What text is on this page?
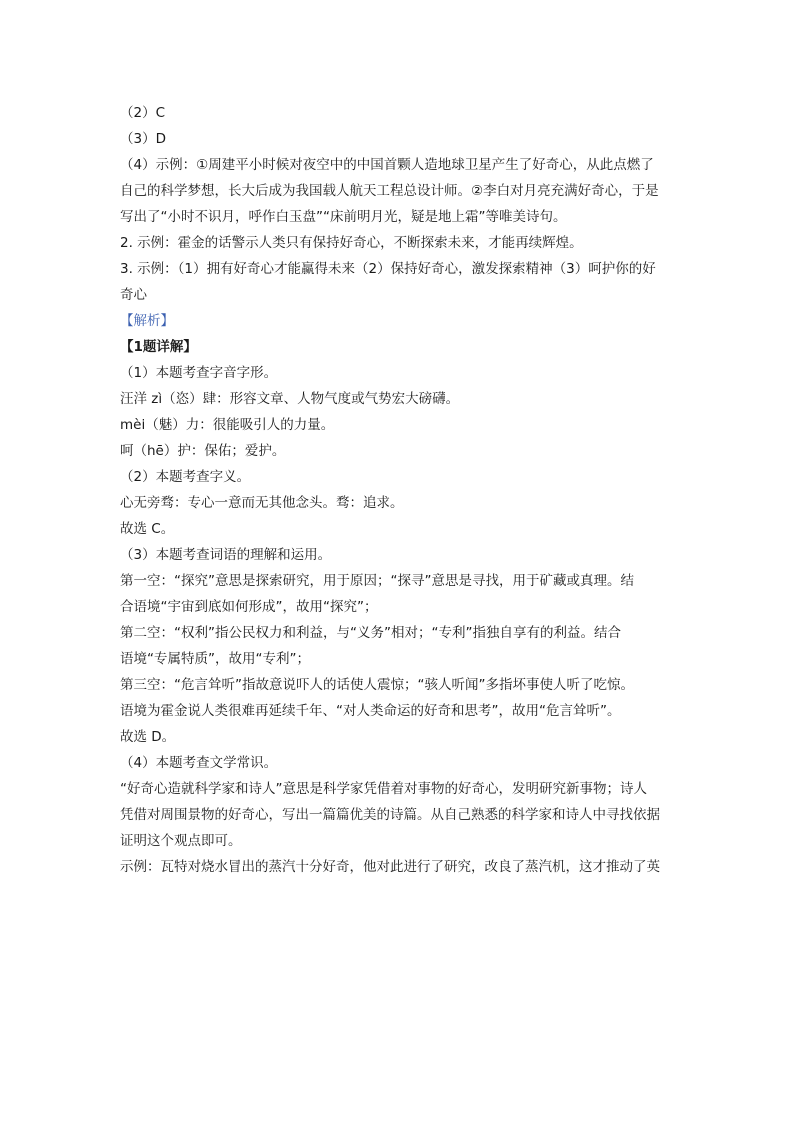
（2）C
（3）D
（4）示例：①周建平小时候对夜空中的中国首颗人造地球卫星产生了好奇心，从此点燃了
自己的科学梦想，长大后成为我国载人航天工程总设计师。②李白对月亮充满好奇心，于是
写出了“小时不识月，呼作白玉盘”“床前明月光，疑是地上霜”等唯美诗句。
2. 示例：霍金的话警示人类只有保持好奇心，不断探索未来，才能再续辉煌。
3. 示例：（1）拥有好奇心才能赢得未来（2）保持好奇心，激发探索精神（3）呵护你的好
奇心
【解析】
【1题详解】
（1）本题考查字音字形。
汪洋 zì（恣）肆：形容文章、人物气度或气势宏大磅礴。
mèi（魅）力：很能吸引人的力量。
呵（hē）护：保佑；爱护。
（2）本题考查字义。
心无旁骛：专心一意而无其他念头。骛：追求。
故选 C。
（3）本题考查词语的理解和运用。
第一空：“探究”意思是探索研究，用于原因；“探寻”意思是寻找，用于矿藏或真理。结
合语境“宇宙到底如何形成”，故用“探究”；
第二空：“权利”指公民权力和利益，与“义务”相对；“专利”指独自享有的利益。结合
语境“专属特质”，故用“专利”；
第三空：“危言耸听”指故意说吓人的话使人震惊；“骇人听闻”多指坏事使人听了吃惊。
语境为霍金说人类很难再延续千年、“对人类命运的好奇和思考”，故用“危言耸听”。
故选 D。
（4）本题考查文学常识。
“好奇心造就科学家和诗人”意思是科学家凭借着对事物的好奇心，发明研究新事物；诗人
凭借对周围景物的好奇心，写出一篇篇优美的诗篇。从自己熟悉的科学家和诗人中寻找依据
证明这个观点即可。
示例：瓦特对烧水冒出的蒸汽十分好奇，他对此进行了研究，改良了蒸汽机，这才推动了英
